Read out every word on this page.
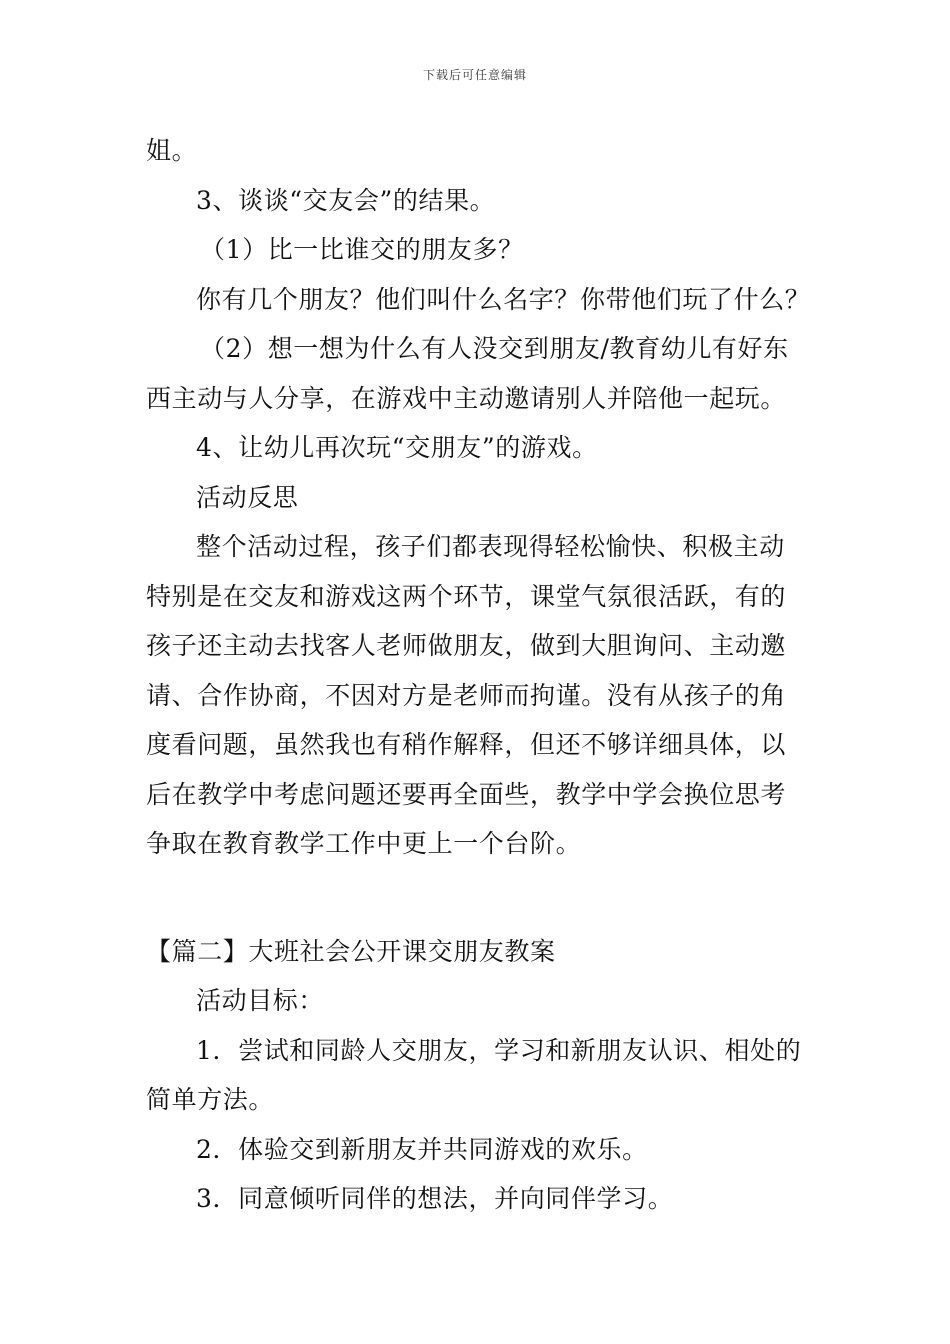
下载后可任意编辑
姐。
3、谈谈“交友会”的结果。
（1）比一比谁交的朋友多？
你有几个朋友？他们叫什么名字？你带他们玩了什么？
（2）想一想为什么有人没交到朋友/教育幼儿有好东
西主动与人分享，在游戏中主动邀请别人并陪他一起玩。
4、让幼儿再次玩“交朋友”的游戏。
活动反思
整个活动过程，孩子们都表现得轻松愉快、积极主动
特别是在交友和游戏这两个环节，课堂气氛很活跃，有的
孩子还主动去找客人老师做朋友，做到大胆询问、主动邀
请、合作协商，不因对方是老师而拘谨。没有从孩子的角
度看问题，虽然我也有稍作解释，但还不够详细具体，以
后在教学中考虑问题还要再全面些，教学中学会换位思考
争取在教育教学工作中更上一个台阶。
【篇二】大班社会公开课交朋友教案
活动目标：
1．尝试和同龄人交朋友，学习和新朋友认识、相处的
简单方法。
2．体验交到新朋友并共同游戏的欢乐。
3．同意倾听同伴的想法，并向同伴学习。
